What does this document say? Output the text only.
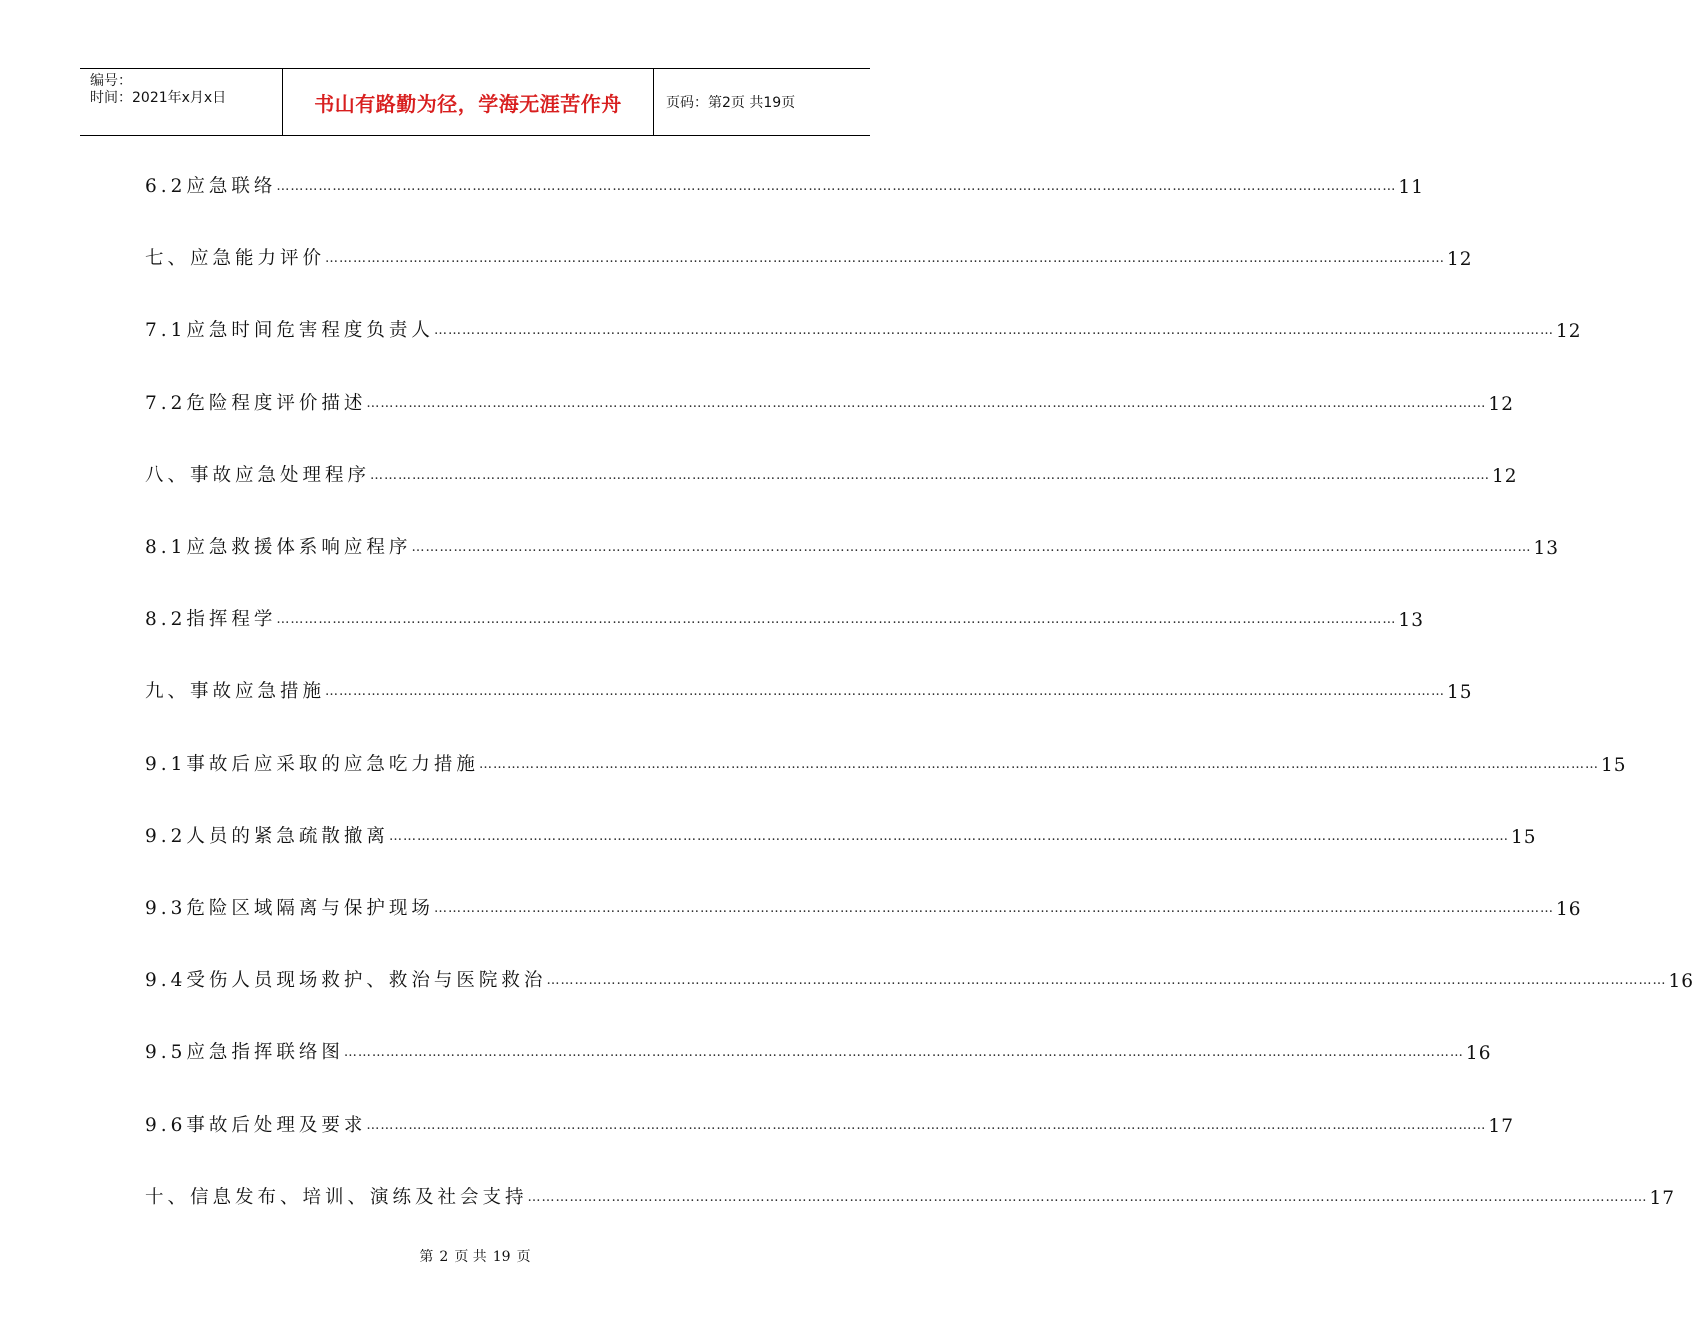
编号：
时间：2021年x月x日	书山有路勤为径，学海无涯苦作舟	页码：第2页 共19页
6.2应急联络 …………………………………………………………………………………………………………………………………………………………………………………………………………………… 11
七、应急能力评价 …………………………………………………………………………………………………………………………………………………………………………………………………………………… 12
7.1应急时间危害程度负责人 …………………………………………………………………………………………………………………………………………………………………………………………………………………… 12
7.2危险程度评价描述 …………………………………………………………………………………………………………………………………………………………………………………………………………………… 12
八、事故应急处理程序 …………………………………………………………………………………………………………………………………………………………………………………………………………………… 12
8.1应急救援体系响应程序 …………………………………………………………………………………………………………………………………………………………………………………………………………………… 13
8.2指挥程学 …………………………………………………………………………………………………………………………………………………………………………………………………………………… 13
九、事故应急措施 …………………………………………………………………………………………………………………………………………………………………………………………………………………… 15
9.1事故后应采取的应急吃力措施 …………………………………………………………………………………………………………………………………………………………………………………………………………………… 15
9.2人员的紧急疏散撤离 …………………………………………………………………………………………………………………………………………………………………………………………………………………… 15
9.3危险区域隔离与保护现场 …………………………………………………………………………………………………………………………………………………………………………………………………………………… 16
9.4受伤人员现场救护、救治与医院救治 …………………………………………………………………………………………………………………………………………………………………………………………………………………… 16
9.5应急指挥联络图 …………………………………………………………………………………………………………………………………………………………………………………………………………………… 16
9.6事故后处理及要求 …………………………………………………………………………………………………………………………………………………………………………………………………………………… 17
十、信息发布、培训、演练及社会支持 …………………………………………………………………………………………………………………………………………………………………………………………………………………… 17
第 2 页 共 19 页
